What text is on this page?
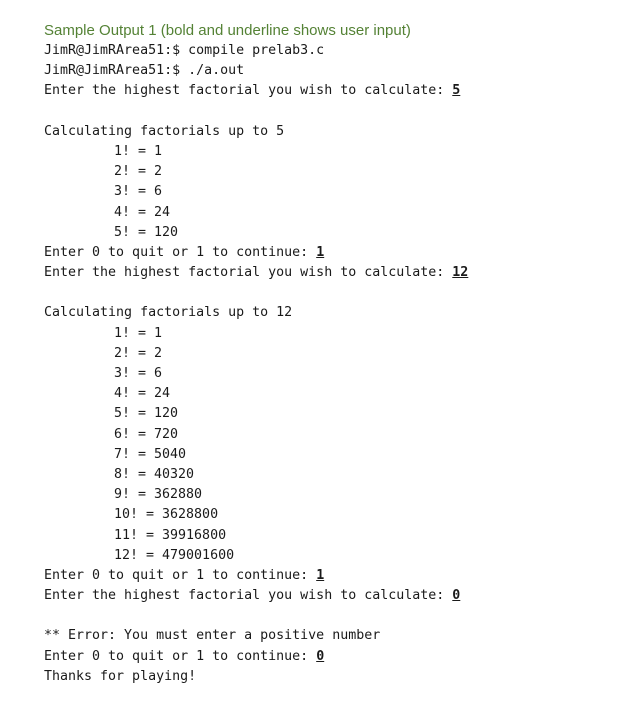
Sample Output 1 (bold and underline shows user input)
JimR@JimRArea51:$ compile prelab3.c
JimR@JimRArea51:$ ./a.out
Enter the highest factorial you wish to calculate: 5
Calculating factorials up to 5
1! = 1
2! = 2
3! = 6
4! = 24
5! = 120
Enter 0 to quit or 1 to continue: 1
Enter the highest factorial you wish to calculate: 12
Calculating factorials up to 12
1! = 1
2! = 2
3! = 6
4! = 24
5! = 120
6! = 720
7! = 5040
8! = 40320
9! = 362880
10! = 3628800
11! = 39916800
12! = 479001600
Enter 0 to quit or 1 to continue: 1
Enter the highest factorial you wish to calculate: 0
** Error: You must enter a positive number
Enter 0 to quit or 1 to continue: 0
Thanks for playing!
